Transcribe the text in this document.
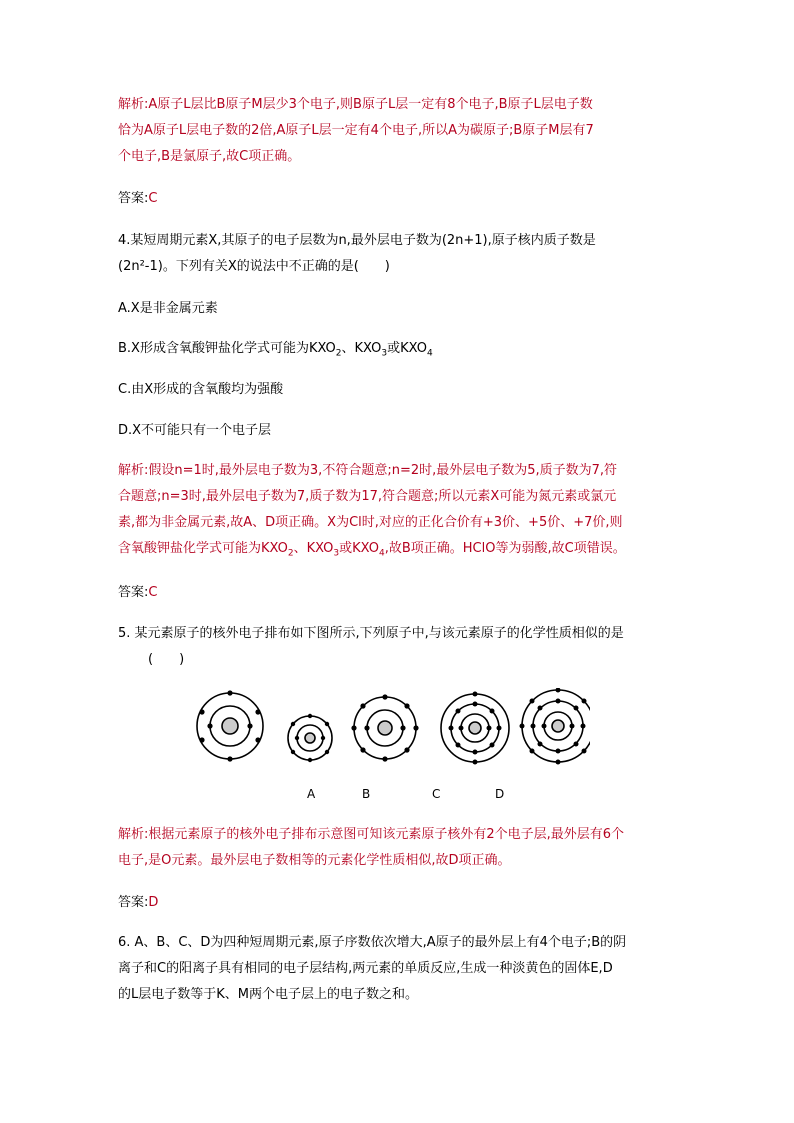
解析:A原子L层比B原子M层少3个电子,则B原子L层一定有8个电子,B原子L层电子数
恰为A原子L层电子数的2倍,A原子L层一定有4个电子,所以A为碳原子;B原子M层有7
个电子,B是氯原子,故C项正确。
答案:C
4.某短周期元素X,其原子的电子层数为n,最外层电子数为(2n+1),原子核内质子数是
(2n²-1)。下列有关X的说法中不正确的是(　　)
A.X是非金属元素
B.X形成含氧酸钾盐化学式可能为$KXO_2$、$KXO_3$或$KXO_4$
C.由X形成的含氧酸均为强酸
D.X不可能只有一个电子层
解析:假设n=1时,最外层电子数为3,不符合题意;n=2时,最外层电子数为5,质子数为7,符
合题意;n=3时,最外层电子数为7,质子数为17,符合题意;所以元素X可能为氮元素或氯元
素,都为非金属元素,故A、D项正确。X为Cl时,对应的正化合价有+3价、+5价、+7价,则
含氧酸钾盐化学式可能为$KXO_2$、$KXO_3$或$KXO_4$,故B项正确。HClO等为弱酸,故C项错误。
答案:C
5. 某元素原子的核外电子排布如下图所示,下列原子中,与该元素原子的化学性质相似的是
(　　)
A	B	C	D
解析:根据元素原子的核外电子排布示意图可知该元素原子核外有2个电子层,最外层有6个
电子,是O元素。最外层电子数相等的元素化学性质相似,故D项正确。
答案:D
6. A、B、C、D为四种短周期元素,原子序数依次增大,A原子的最外层上有4个电子;B的阴
离子和C的阳离子具有相同的电子层结构,两元素的单质反应,生成一种淡黄色的固体E,D
的L层电子数等于K、M两个电子层上的电子数之和。
